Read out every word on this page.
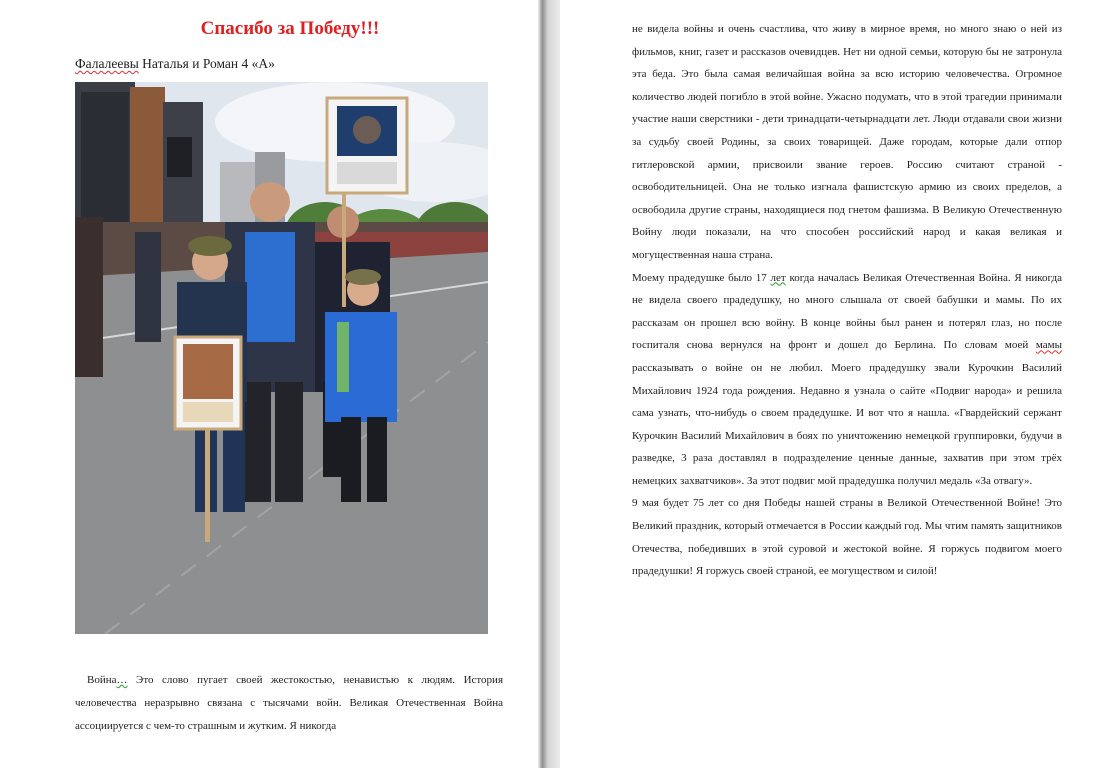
Спасибо за Победу!!!
Фалалеевы Наталья и Роман 4 «А»

Война… Это слово пугает своей жестокостью, ненавистью к людям. История человечества неразрывно связана с тысячами войн. Великая Отечественная Война ассоциируется с чем-то страшным и жутким. Я никогда

не видела войны и очень счастлива, что живу в мирное время, но много знаю о ней из фильмов, книг, газет и рассказов очевидцев. Нет ни одной семьи, которую бы не затронула эта беда. Это была самая величайшая война за всю историю человечества. Огромное количество людей погибло в этой войне. Ужасно подумать, что в этой трагедии принимали участие наши сверстники - дети тринадцати-четырнадцати лет. Люди отдавали свои жизни за судьбу своей Родины, за своих товарищей. Даже городам, которые дали отпор гитлеровской армии, присвоили звание героев. Россию считают страной - освободительницей. Она не только изгнала фашистскую армию из своих пределов, а освободила другие страны, находящиеся под гнетом фашизма. В Великую Отечественную Войну люди показали, на что способен российский народ и какая великая и могущественная наша страна.

Моему прадедушке было 17 лет когда началась Великая Отечественная Война. Я никогда не видела своего прадедушку, но много слышала от своей бабушки и мамы. По их рассказам он прошел всю войну. В конце войны был ранен и потерял глаз, но после госпиталя снова вернулся на фронт и дошел до Берлина. По словам моей мамы рассказывать о войне он не любил. Моего прадедушку звали Курочкин Василий Михайлович 1924 года рождения. Недавно я узнала о сайте «Подвиг народа» и решила сама узнать, что-нибудь о своем прадедушке. И вот что я нашла. «Гвардейский сержант Курочкин Василий Михайлович в боях по уничтожению немецкой группировки, будучи в разведке, 3 раза доставлял в подразделение ценные данные, захватив при этом трёх немецких захватчиков». За этот подвиг мой прадедушка получил медаль «За отвагу».

9 мая будет 75 лет со дня Победы нашей страны в Великой Отечественной Войне! Это Великий праздник, который отмечается в России каждый год. Мы чтим память защитников Отечества, победивших в этой суровой и жестокой войне. Я горжусь подвигом моего прадедушки! Я горжусь своей страной, ее могуществом и силой!
